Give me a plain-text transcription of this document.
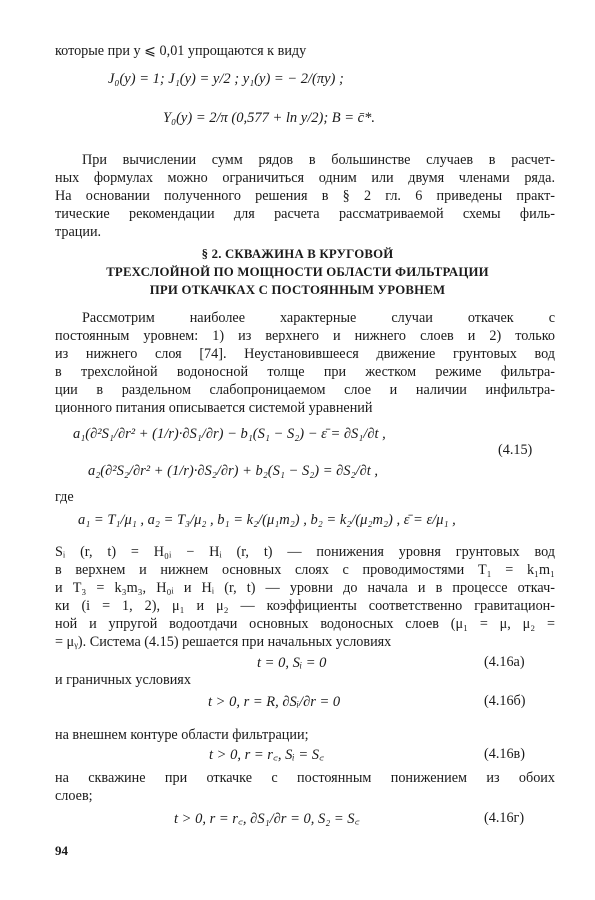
которые при y ⩽ 0,01 упрощаются к виду
J₀(y) = 1; J₁(y) = y/2 ; y₁(y) = − 2/(πy) ;
Y₀(y) = 2/π (0,577 + ln y/2); B = c̄*.
При вычислении сумм рядов в большинстве случаев в расчет-
ных формулах можно ограничиться одним или двумя членами ряда.
На основании полученного решения в § 2 гл. 6 приведены практ-
тические рекомендации для расчета рассматриваемой схемы филь-
трации.
§ 2. СКВАЖИНА В КРУГОВОЙ
ТРЕХСЛОЙНОЙ ПО МОЩНОСТИ ОБЛАСТИ ФИЛЬТРАЦИИ
ПРИ ОТКАЧКАХ С ПОСТОЯННЫМ УРОВНЕМ
Рассмотрим наиболее характерные случаи откачек с
постоянным уровнем: 1) из верхнего и нижнего слоев и 2) только
из нижнего слоя [74]. Неустановившееся движение грунтовых вод
в трехслойной водоносной толще при жестком режиме фильтра-
ции в раздельном слабопроницаемом слое и наличии инфильтра-
ционного питания описывается системой уравнений
a₁(∂²S₁/∂r² + (1/r)·∂S₁/∂r) − b₁(S₁ − S₂) − ε̄ = ∂S₁/∂t ,
a₂(∂²S₂/∂r² + (1/r)·∂S₂/∂r) + b₂(S₁ − S₂) = ∂S₂/∂t ,
(4.15)
где
a₁ = T₁/μ₁ , a₂ = T₃/μ₂ , b₁ = k₂/(μ₁m₂) , b₂ = k₂/(μ₂m₂) , ε̄ = ε/μ₁ ,
Sᵢ (r, t) = H₀ᵢ − Hᵢ (r, t) — понижения уровня грунтовых вод
в верхнем и нижнем основных слоях с проводимостями T₁ = k₁m₁
и T₃ = k₃m₃, H₀ᵢ и Hᵢ (r, t) — уровни до начала и в процессе откач-
ки (i = 1, 2), μ₁ и μ₂ — коэффициенты соответственно гравитацион-
ной и упругой водоотдачи основных водоносных слоев (μ₁ = μ, μ₂ =
= μᵧ). Система (4.15) решается при начальных условиях
t = 0, Sᵢ = 0	(4.16а)
и граничных условиях
t > 0, r = R, ∂Sᵢ/∂r = 0	(4.16б)
на внешнем контуре области фильтрации;
t > 0, r = r꜀, Sᵢ = S꜀	(4.16в)
на скважине при откачке с постоянным понижением из обоих
слоев;
t > 0, r = r꜀, ∂S₁/∂r = 0, S₂ = S꜀	(4.16г)
94
